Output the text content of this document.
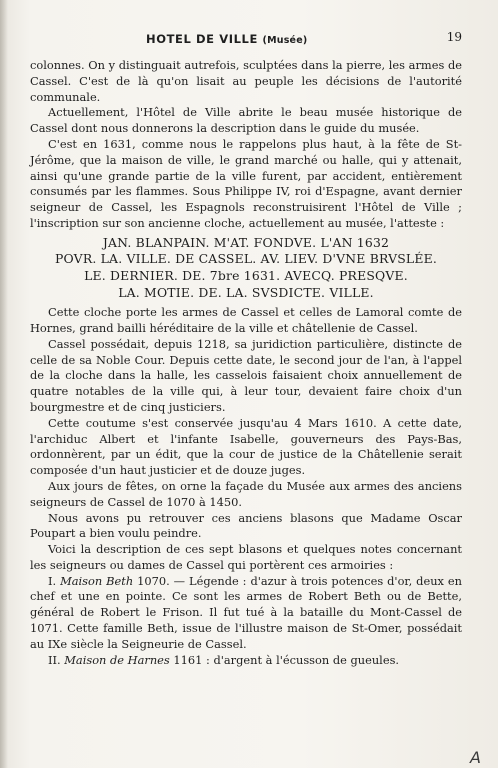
HOTEL DE VILLE (Musée)	19

colonnes. On y distinguait autrefois, sculptées dans la pierre, les armes de Cassel. C'est de là qu'on lisait au peuple les décisions de l'autorité communale.

Actuellement, l'Hôtel de Ville abrite le beau musée historique de Cassel dont nous donnerons la description dans le guide du musée.

C'est en 1631, comme nous le rappelons plus haut, à la fête de St-Jérôme, que la maison de ville, le grand marché ou halle, qui y attenait, ainsi qu'une grande partie de la ville furent, par accident, entièrement consumés par les flammes. Sous Philippe IV, roi d'Espagne, avant dernier seigneur de Cassel, les Espagnols reconstruisirent l'Hôtel de Ville ; l'inscription sur son ancienne cloche, actuellement au musée, l'atteste :

JAN. BLANPAIN. M'AT. FONDVE. L'AN 1632
POVR. LA. VILLE. DE CASSEL. AV. LIEV. D'VNE BRVSLÉE.
LE. DERNIER. DE. 7bre 1631. AVECQ. PRESQVE.
LA. MOTIE. DE. LA. SVSDICTE. VILLE.

Cette cloche porte les armes de Cassel et celles de Lamoral comte de Hornes, grand bailli héréditaire de la ville et châtellenie de Cassel.

Cassel possédait, depuis 1218, sa juridiction particulière, distincte de celle de sa Noble Cour. Depuis cette date, le second jour de l'an, à l'appel de la cloche dans la halle, les casselois faisaient choix annuellement de quatre notables de la ville qui, à leur tour, devaient faire choix d'un bourgmestre et de cinq justiciers.

Cette coutume s'est conservée jusqu'au 4 Mars 1610. A cette date, l'archiduc Albert et l'infante Isabelle, gouverneurs des Pays-Bas, ordonnèrent, par un édit, que la cour de justice de la Châtellenie serait composée d'un haut justicier et de douze juges.

Aux jours de fêtes, on orne la façade du Musée aux armes des anciens seigneurs de Cassel de 1070 à 1450.

Nous avons pu retrouver ces anciens blasons que Madame Oscar Poupart a bien voulu peindre.

Voici la description de ces sept blasons et quelques notes concernant les seigneurs ou dames de Cassel qui portèrent ces armoiries :

I. Maison Beth 1070. — Légende : d'azur à trois potences d'or, deux en chef et une en pointe. Ce sont les armes de Robert Beth ou de Bette, général de Robert le Frison. Il fut tué à la bataille du Mont-Cassel de 1071. Cette famille Beth, issue de l'illustre maison de St-Omer, possédait au IXe siècle la Seigneurie de Cassel.

II. Maison de Harnes 1161 : d'argent à l'écusson de gueules.

A
